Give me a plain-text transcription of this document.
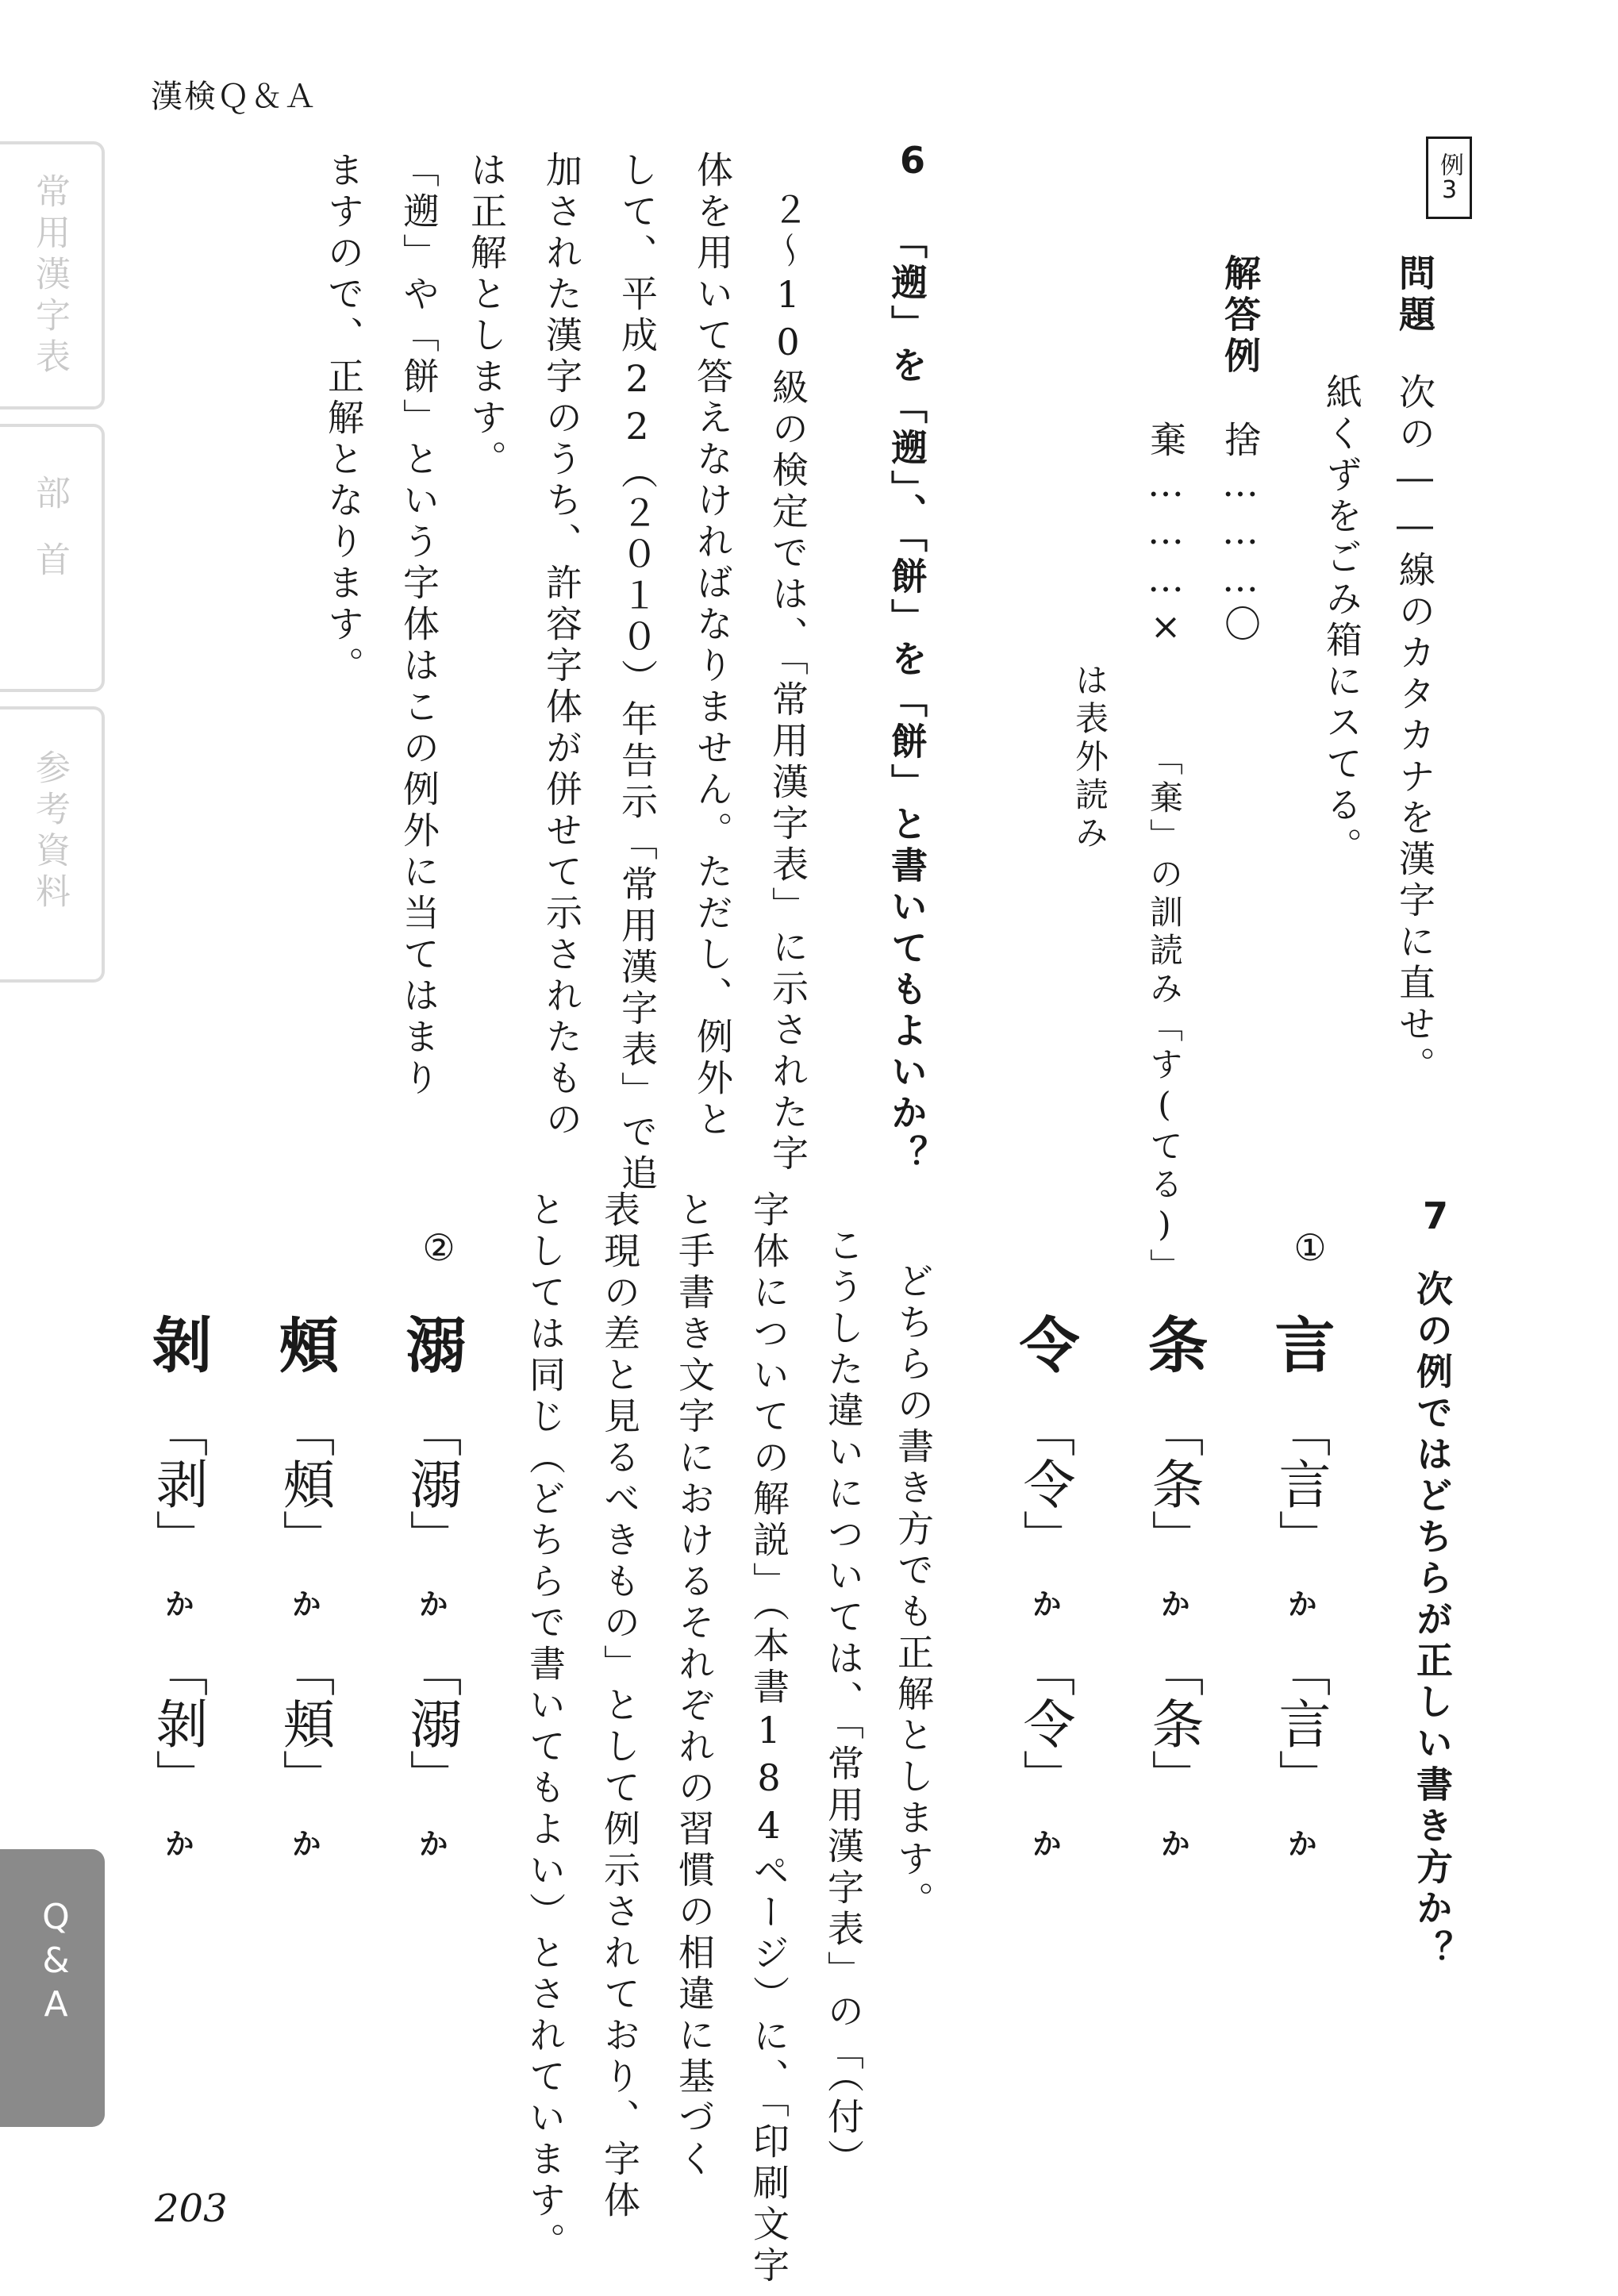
漢検Ｑ＆Ａ
203
常用漢字表
部首
参考資料
Q&A
例3
問題
次の――線のカタカナを漢字に直せ。
紙くずをごみ箱にスてる。
解答例
捨………〇
棄………×
「棄」の訓読み「す(てる)」
は表外読み
6
「遡」を「遡」、「餅」を「餅」と書いてもよいか？
２〜10級の検定では、「常用漢字表」に示された字
体を用いて答えなければなりません。ただし、例外と
して、平成22（２０１０）年告示「常用漢字表」で追
加された漢字のうち、許容字体が併せて示されたもの
は正解とします。
「遡」や「餅」という字体はこの例外に当てはまり
ますので、正解となります。
7
次の例ではどちらが正しい書き方か？
①
言 「言」 か 「言」 か
条 「条」 か 「条」 か
令 「令」 か 「令」 か
どちらの書き方でも正解とします。
こうした違いについては、「常用漢字表」の「（付）
字体についての解説」（本書184ページ）に、「印刷文字
と手書き文字におけるそれぞれの習慣の相違に基づく
表現の差と見るべきもの」として例示されており、字体
としては同じ（どちらで書いてもよい）とされています。
②
溺 「溺」 か 「溺」 か
頰 「頰」 か 「頬」 か
剝 「剥」 か 「剝」 か
